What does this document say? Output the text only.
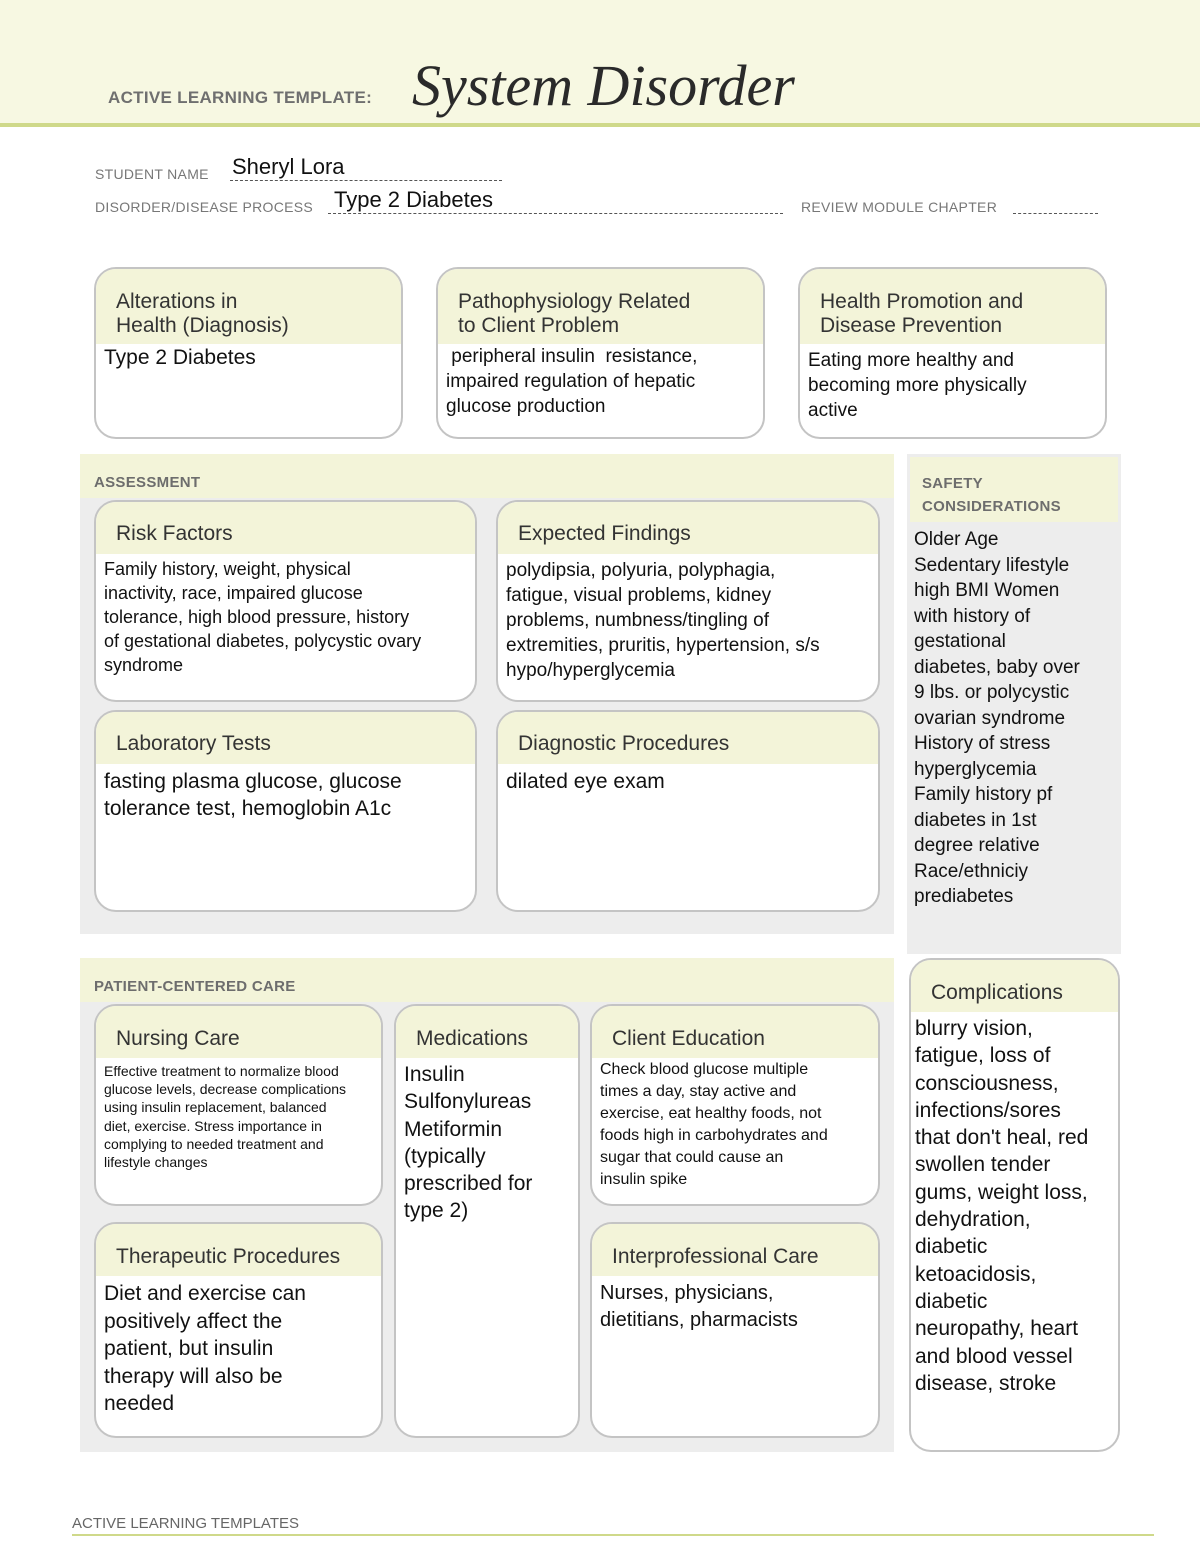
ACTIVE LEARNING TEMPLATE: System Disorder
STUDENT NAME Sheryl Lora
DISORDER/DISEASE PROCESS Type 2 Diabetes	REVIEW MODULE CHAPTER
Alterations in
Health (Diagnosis)
Type 2 Diabetes
Pathophysiology Related
to Client Problem
peripheral insulin  resistance,
impaired regulation of hepatic
glucose production
Health Promotion and
Disease Prevention
Eating more healthy and
becoming more physically
active
ASSESSMENT
Risk Factors
Family history, weight, physical
inactivity, race, impaired glucose
tolerance, high blood pressure, history
of gestational diabetes, polycystic ovary
syndrome
Expected Findings
polydipsia, polyuria, polyphagia,
fatigue, visual problems, kidney
problems, numbness/tingling of
extremities, pruritis, hypertension, s/s
hypo/hyperglycemia
Laboratory Tests
fasting plasma glucose, glucose
tolerance test, hemoglobin A1c
Diagnostic Procedures
dilated eye exam
SAFETY
CONSIDERATIONS
Older Age
Sedentary lifestyle
high BMI Women
with history of
gestational
diabetes, baby over
9 lbs. or polycystic
ovarian syndrome
History of stress
hyperglycemia
Family history pf
diabetes in 1st
degree relative
Race/ethniciy
prediabetes
PATIENT-CENTERED CARE
Nursing Care
Effective treatment to normalize blood
glucose levels, decrease complications
using insulin replacement, balanced
diet, exercise. Stress importance in
complying to needed treatment and
lifestyle changes
Medications
Insulin
Sulfonylureas
Metiformin
(typically
prescribed for
type 2)
Client Education
Check blood glucose multiple
times a day, stay active and
exercise, eat healthy foods, not
foods high in carbohydrates and
sugar that could cause an
insulin spike
Therapeutic Procedures
Diet and exercise can
positively affect the
patient, but insulin
therapy will also be
needed
Interprofessional Care
Nurses, physicians,
dietitians, pharmacists
Complications
blurry vision,
fatigue, loss of
consciousness,
infections/sores
that don't heal, red
swollen tender
gums, weight loss,
dehydration,
diabetic
ketoacidosis,
diabetic
neuropathy, heart
and blood vessel
disease, stroke
ACTIVE LEARNING TEMPLATES
